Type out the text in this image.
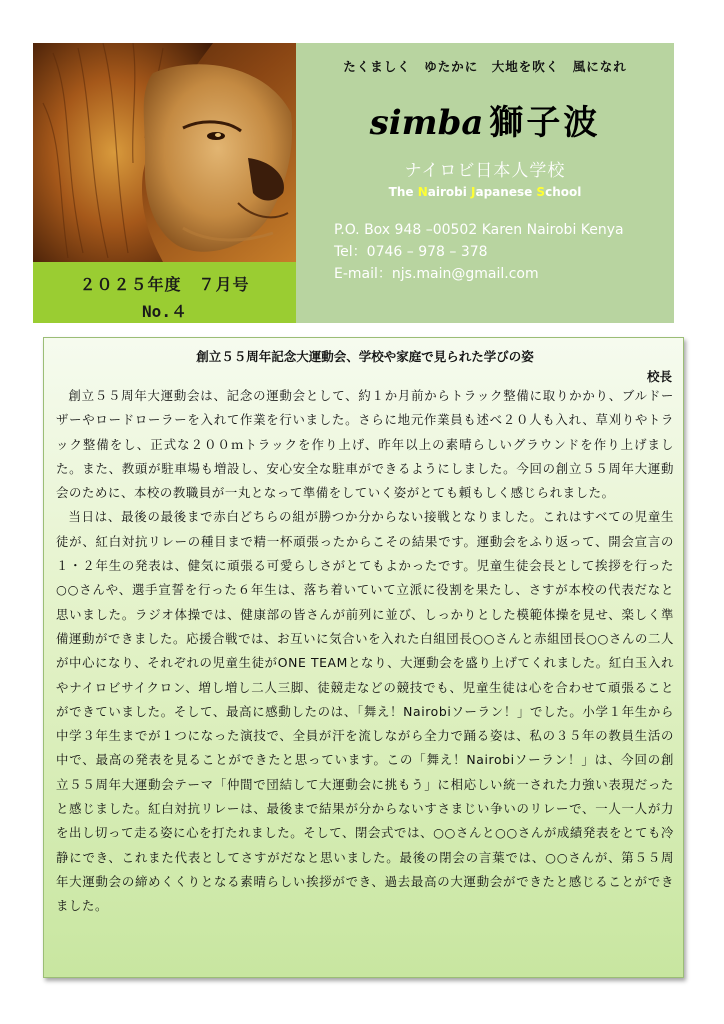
２０２５年度　７月号
No.４
たくましく　ゆたかに　大地を吹く　風になれ
simba 獅子波
ナイロビ日本人学校
The Nairobi Japanese School
P.O. Box 948 –00502 Karen Nairobi Kenya
Tel：0746 – 978 – 378
E-mail：njs.main@gmail.com
創立５５周年記念大運動会、学校や家庭で見られた学びの姿
校長

創立５５周年大運動会は、記念の運動会として、約１か月前からトラック整備に取りかかり、ブルドーザーやロードローラーを入れて作業を行いました。さらに地元作業員も述べ２０人も入れ、草刈りやトラック整備をし、正式な２００ｍトラックを作り上げ、昨年以上の素晴らしいグラウンドを作り上げました。また、教頭が駐車場も増設し、安心安全な駐車ができるようにしました。今回の創立５５周年大運動会のために、本校の教職員が一丸となって準備をしていく姿がとても頼もしく感じられました。

当日は、最後の最後まで赤白どちらの組が勝つか分からない接戦となりました。これはすべての児童生徒が、紅白対抗リレーの種目まで精一杯頑張ったからこその結果です。運動会をふり返って、開会宣言の１・２年生の発表は、健気に頑張る可愛らしさがとてもよかったです。児童生徒会長として挨拶を行った○○さんや、選手宣誓を行った６年生は、落ち着いていて立派に役割を果たし、さすが本校の代表だなと思いました。ラジオ体操では、健康部の皆さんが前列に並び、しっかりとした模範体操を見せ、楽しく準備運動ができました。応援合戦では、お互いに気合いを入れた白組団長○○さんと赤組団長○○さんの二人が中心になり、それぞれの児童生徒がONE TEAMとなり、大運動会を盛り上げてくれました。紅白玉入れやナイロビサイクロン、増し増し二人三脚、徒競走などの競技でも、児童生徒は心を合わせて頑張ることができていました。そして、最高に感動したのは、「舞え！Nairobiソーラン！」でした。小学１年生から中学３年生までが１つになった演技で、全員が汗を流しながら全力で踊る姿は、私の３５年の教員生活の中で、最高の発表を見ることができたと思っています。この「舞え！Nairobiソーラン！」は、今回の創立５５周年大運動会テーマ「仲間で団結して大運動会に挑もう」に相応しい統一された力強い表現だったと感じました。紅白対抗リレーは、最後まで結果が分からないすさまじい争いのリレーで、一人一人が力を出し切って走る姿に心を打たれました。そして、閉会式では、○○さんと○○さんが成績発表をとても冷静にでき、これまた代表としてさすがだなと思いました。最後の閉会の言葉では、○○さんが、第５５周年大運動会の締めくくりとなる素晴らしい挨拶ができ、過去最高の大運動会ができたと感じることができました。
